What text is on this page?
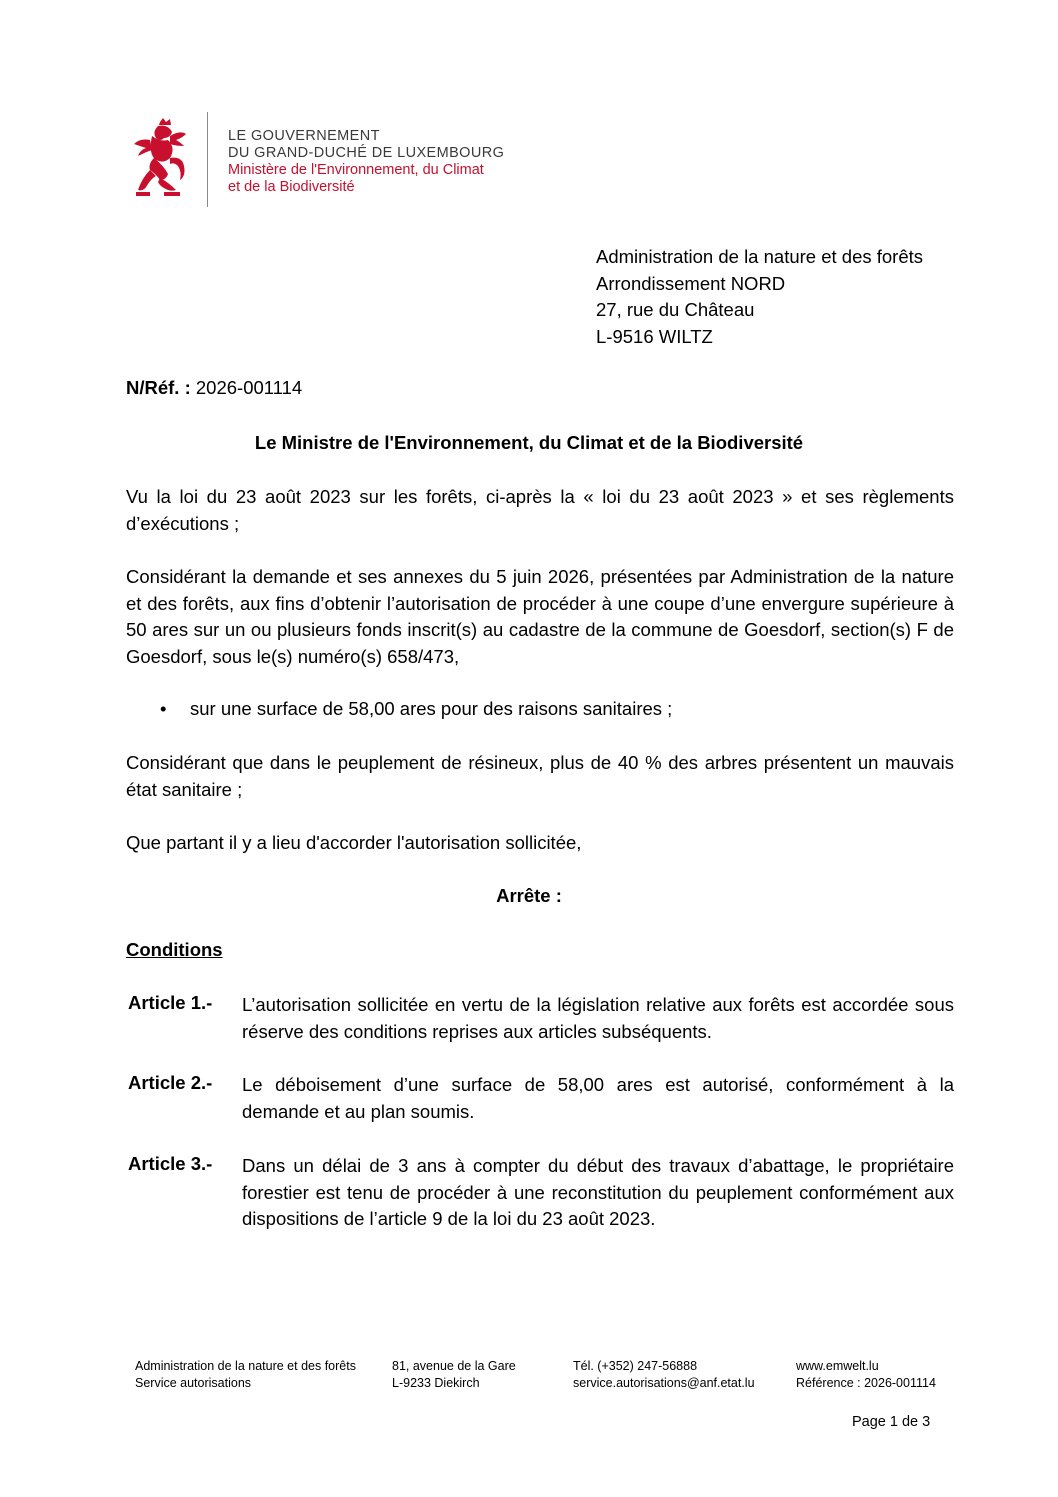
LE GOUVERNEMENT
DU GRAND-DUCHÉ DE LUXEMBOURG
Ministère de l'Environnement, du Climat
et de la Biodiversité
Administration de la nature et des forêts
Arrondissement NORD
27, rue du Château
L-9516 WILTZ
N/Réf. : 2026-001114
Le Ministre de l'Environnement, du Climat et de la Biodiversité
Vu la loi du 23 août 2023 sur les forêts, ci-après la « loi du 23 août 2023 » et ses règlements d’exécutions ;
Considérant la demande et ses annexes du 5 juin 2026, présentées par Administration de la nature et des forêts, aux fins d’obtenir l’autorisation de procéder à une coupe d’une envergure supérieure à 50 ares sur un ou plusieurs fonds inscrit(s) au cadastre de la commune de Goesdorf, section(s) F de Goesdorf, sous le(s) numéro(s) 658/473,
• sur une surface de 58,00 ares pour des raisons sanitaires ;
Considérant que dans le peuplement de résineux, plus de 40 % des arbres présentent un mauvais état sanitaire ;
Que partant il y a lieu d'accorder l'autorisation sollicitée,
Arrête :
Conditions
Article 1.- L’autorisation sollicitée en vertu de la législation relative aux forêts est accordée sous réserve des conditions reprises aux articles subséquents.
Article 2.- Le déboisement d’une surface de 58,00 ares est autorisé, conformément à la demande et au plan soumis.
Article 3.- Dans un délai de 3 ans à compter du début des travaux d’abattage, le propriétaire forestier est tenu de procéder à une reconstitution du peuplement conformément aux dispositions de l’article 9 de la loi du 23 août 2023.
Administration de la nature et des forêts
Service autorisations
81, avenue de la Gare
L-9233 Diekirch
Tél. (+352) 247-56888
service.autorisations@anf.etat.lu
www.emwelt.lu
Référence : 2026-001114
Page 1 de 3
